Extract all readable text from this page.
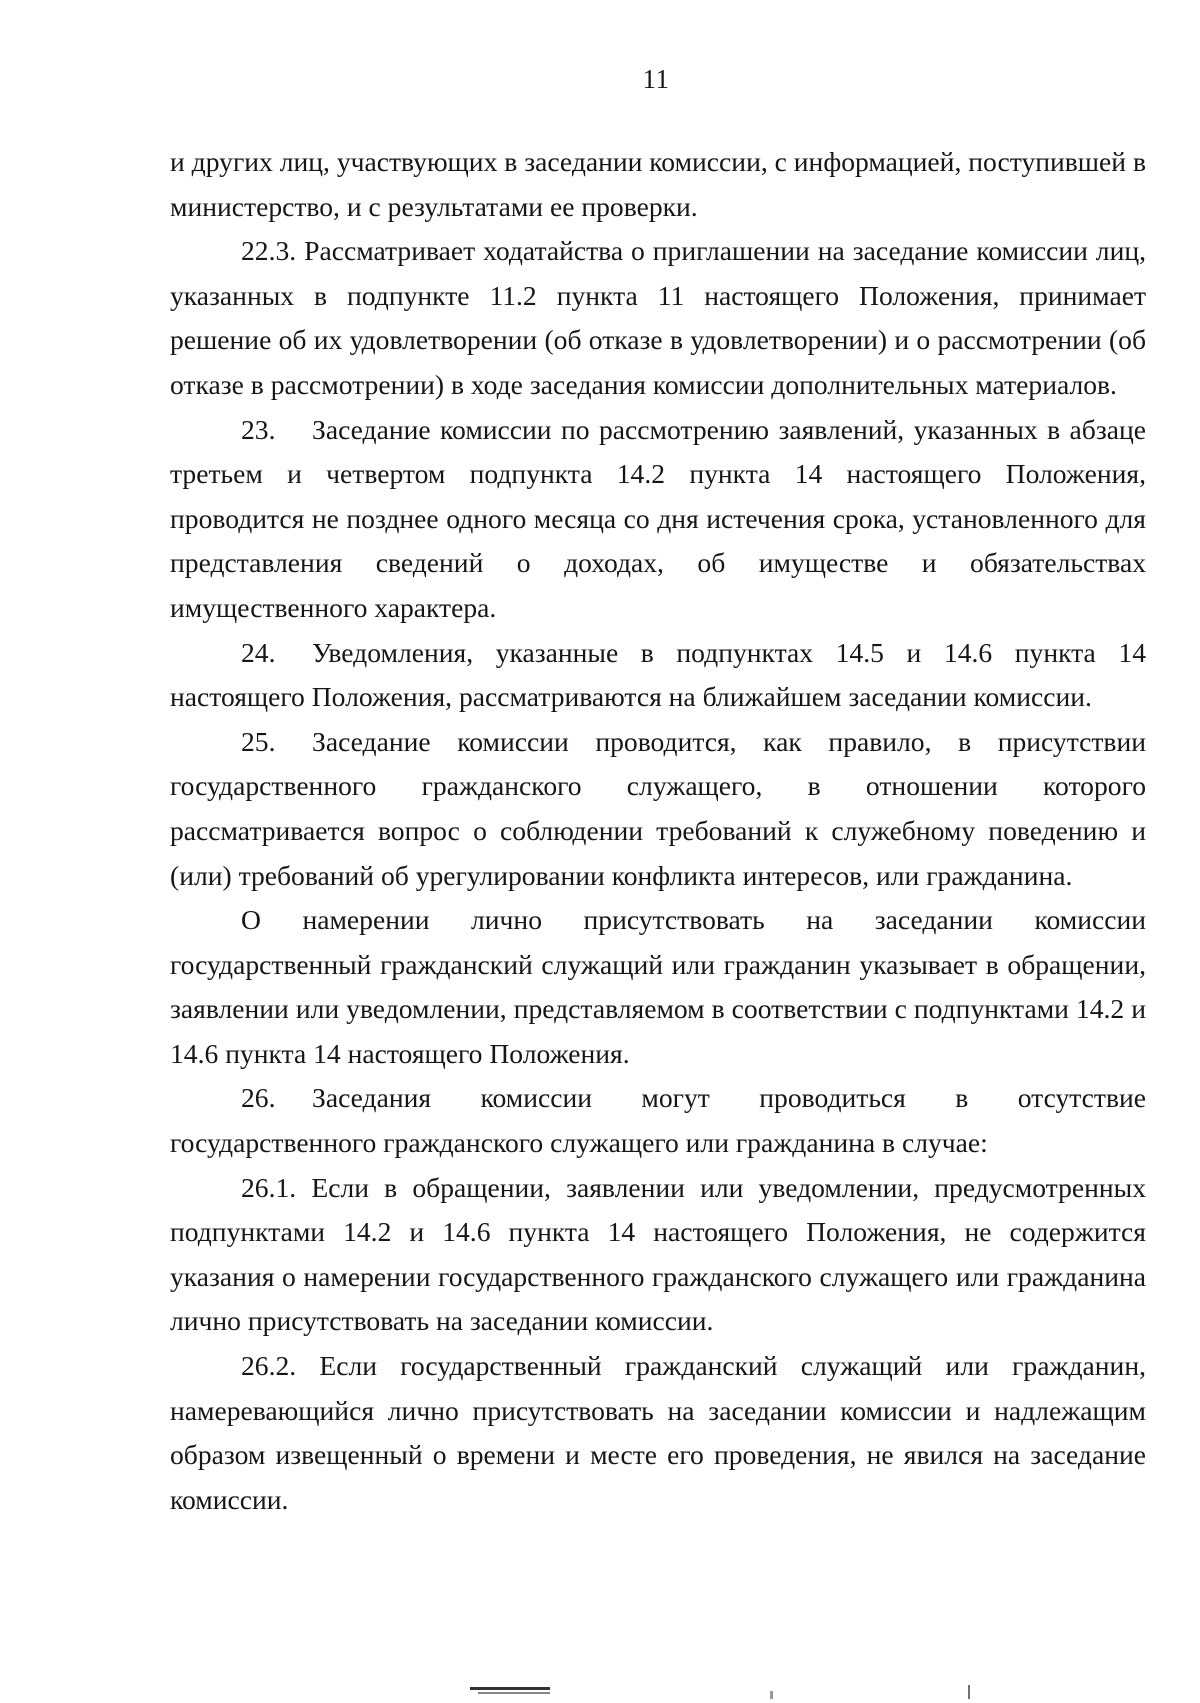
11

и других лиц, участвующих в заседании комиссии, с информацией, поступившей в министерство, и с результатами ее проверки.

22.3. Рассматривает ходатайства о приглашении на заседание комиссии лиц, указанных в подпункте 11.2 пункта 11 настоящего Положения, принимает решение об их удовлетворении (об отказе в удовлетворении) и о рассмотрении (об отказе в рассмотрении) в ходе заседания комиссии дополнительных материалов.

23. Заседание комиссии по рассмотрению заявлений, указанных в абзаце третьем и четвертом подпункта 14.2 пункта 14 настоящего Положения, проводится не позднее одного месяца со дня истечения срока, установленного для представления сведений о доходах, об имуществе и обязательствах имущественного характера.

24. Уведомления, указанные в подпунктах 14.5 и 14.6 пункта 14 настоящего Положения, рассматриваются на ближайшем заседании комиссии.

25. Заседание комиссии проводится, как правило, в присутствии государственного гражданского служащего, в отношении которого рассматривается вопрос о соблюдении требований к служебному поведению и (или) требований об урегулировании конфликта интересов, или гражданина.

О намерении лично присутствовать на заседании комиссии государственный гражданский служащий или гражданин указывает в обращении, заявлении или уведомлении, представляемом в соответствии с подпунктами 14.2 и 14.6 пункта 14 настоящего Положения.

26. Заседания комиссии могут проводиться в отсутствие государственного гражданского служащего или гражданина в случае:

26.1. Если в обращении, заявлении или уведомлении, предусмотренных подпунктами 14.2 и 14.6 пункта 14 настоящего Положения, не содержится указания о намерении государственного гражданского служащего или гражданина лично присутствовать на заседании комиссии.

26.2. Если государственный гражданский служащий или гражданин, намеревающийся лично присутствовать на заседании комиссии и надлежащим образом извещенный о времени и месте его проведения, не явился на заседание комиссии.
